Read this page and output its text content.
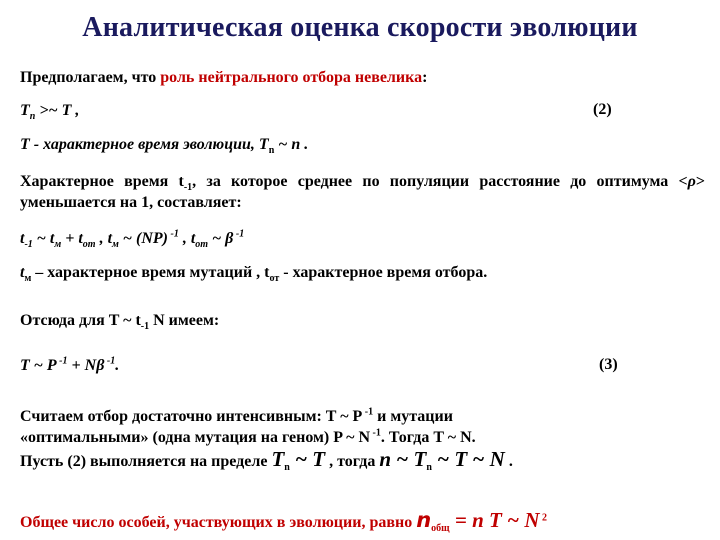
Аналитическая оценка скорости эволюции
Предполагаем, что роль нейтрального отбора невелика:
$T_n$ >~ T ,	(2)
T - характерное время эволюции, $T_n$ ~ n .
Характерное время $t_{-1}$, за которое среднее по популяции расстояние до оптимума <ρ> уменьшается на 1, составляет:
$t_{-1}$ ~ $t_м + t_{от}$ , $t_м$ ~ (NP) $^{-1}$ , $t_{от}$ ~ β $^{-1}$
$t_м$ – характерное время мутаций , $t_{от}$ - характерное время отбора.
Отсюда для T ~ $t_{-1}$ N имеем:
T ~ P $^{-1}$ + Nβ $^{-1}$.	(3)
Считаем отбор достаточно интенсивным: T ~ P $^{-1}$ и мутации
«оптимальными» (одна мутация на геном) P ~ N $^{-1}$. Тогда T ~ N.
Пусть (2) выполняется на пределе $T_n$ ~ T , тогда n ~ $T_n$ ~ T ~ N .
Общее число особей, участвующих в эволюции, равно $n_{общ} = n$ T ~ N $^2$
